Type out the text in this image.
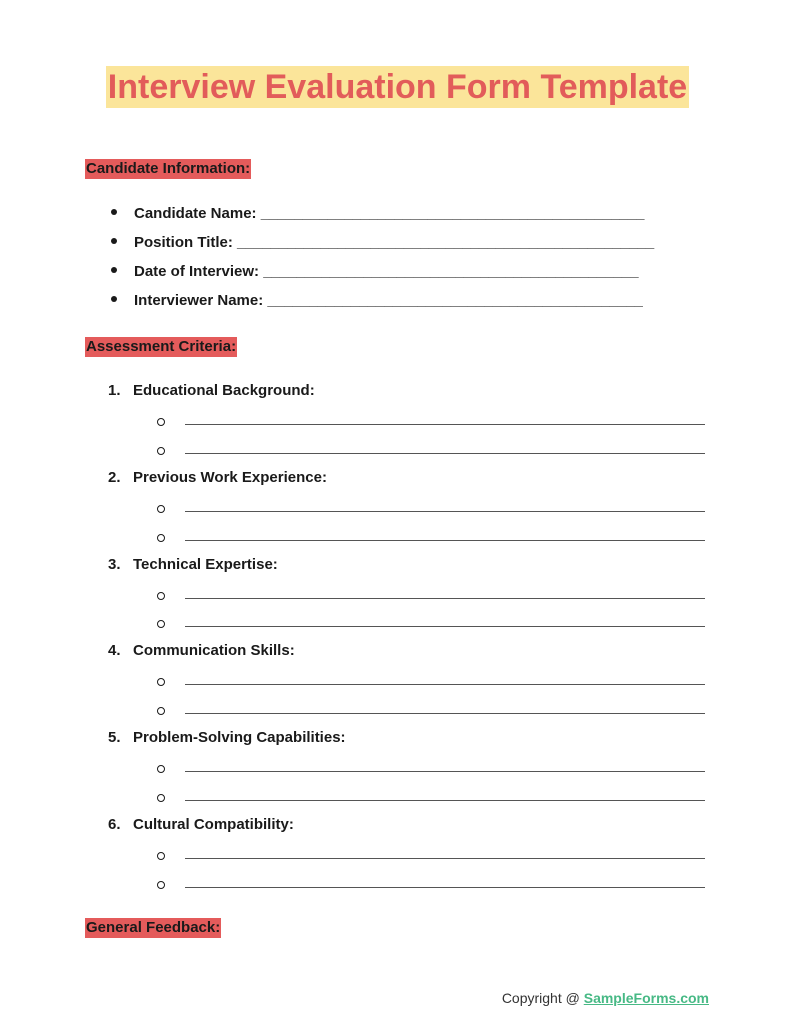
Interview Evaluation Form Template
Candidate Information:
Candidate Name: ______________________________________________
Position Title: __________________________________________________
Date of Interview: _____________________________________________
Interviewer Name: _____________________________________________
Assessment Criteria:
1. Educational Background:
2. Previous Work Experience:
3. Technical Expertise:
4. Communication Skills:
5. Problem-Solving Capabilities:
6. Cultural Compatibility:
General Feedback:
Copyright @ SampleForms.com
